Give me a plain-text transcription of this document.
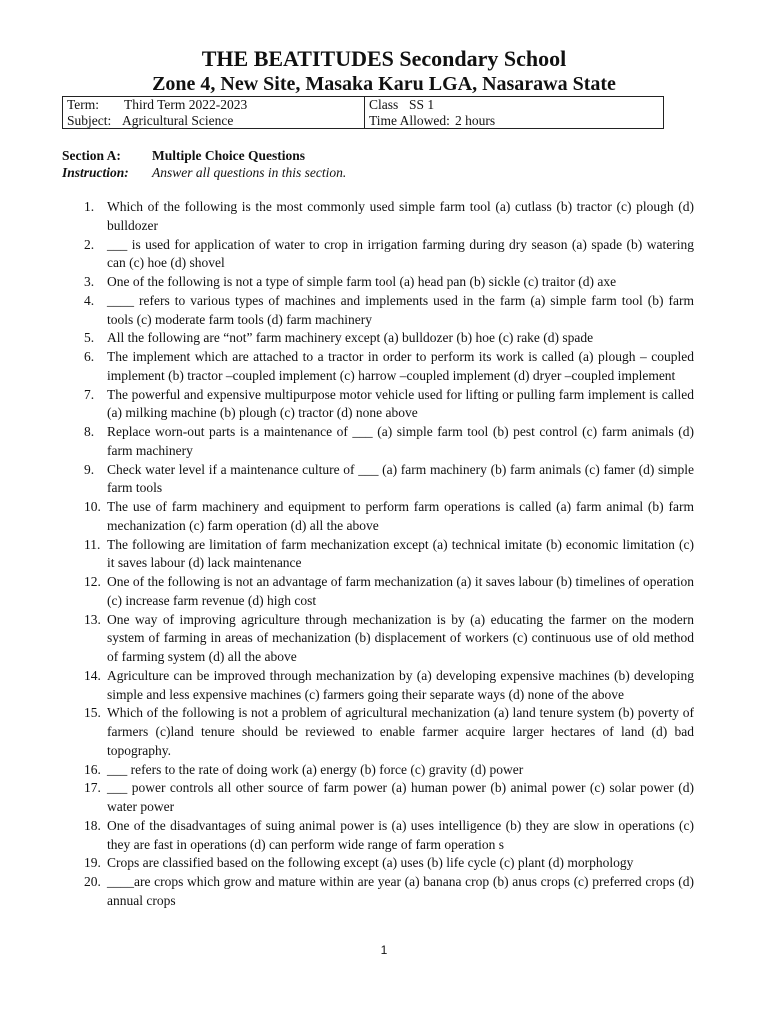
THE BEATITUDES Secondary School
Zone 4, New Site, Masaka Karu LGA, Nasarawa State
Term: Third Term 2022-2023
Subject: Agricultural Science
Class SS 1
Time Allowed: 2 hours
Section A:	Multiple Choice Questions
Instruction:	Answer all questions in this section.
1. Which of the following is the most commonly used simple farm tool (a) cutlass (b) tractor (c) plough (d) bulldozer
2. ___ is used for application of water to crop in irrigation farming during dry season (a) spade (b) watering can (c) hoe (d) shovel
3. One of the following is not a type of simple farm tool (a) head pan (b) sickle (c) traitor (d) axe
4. ____ refers to various types of machines and implements used in the farm (a) simple farm tool (b) farm tools (c) moderate farm tools (d) farm machinery
5. All the following are “not” farm machinery except (a) bulldozer (b) hoe (c) rake (d) spade
6. The implement which are attached to a tractor in order to perform its work is called (a) plough – coupled implement (b) tractor –coupled implement (c) harrow –coupled implement (d) dryer –coupled implement
7. The powerful and expensive multipurpose motor vehicle used for lifting or pulling farm implement is called (a) milking machine (b) plough (c) tractor (d) none above
8. Replace worn-out parts is a maintenance of ___ (a) simple farm tool (b) pest control (c) farm animals (d) farm machinery
9. Check water level if a maintenance culture of ___ (a) farm machinery (b) farm animals (c) famer (d) simple farm tools
10. The use of farm machinery and equipment to perform farm operations is called (a) farm animal (b) farm mechanization (c) farm operation (d) all the above
11. The following are limitation of farm mechanization except (a) technical imitate (b) economic limitation (c) it saves labour (d) lack maintenance
12. One of the following is not an advantage of farm mechanization (a) it saves labour (b) timelines of operation (c) increase farm revenue (d) high cost
13. One way of improving agriculture through mechanization is by (a) educating the farmer on the modern system of farming in areas of mechanization (b) displacement of workers (c) continuous use of old method of farming system (d) all the above
14. Agriculture can be improved through mechanization by (a) developing expensive machines (b) developing simple and less expensive machines (c) farmers going their separate ways (d) none of the above
15. Which of the following is not a problem of agricultural mechanization (a) land tenure system (b) poverty of farmers (c)land tenure should be reviewed to enable farmer acquire larger hectares of land (d) bad topography.
16. ___ refers to the rate of doing work (a) energy (b) force (c) gravity (d) power
17. ___ power controls all other source of farm power (a) human power (b) animal power (c) solar power (d) water power
18. One of the disadvantages of suing animal power is (a) uses intelligence (b) they are slow in operations (c) they are fast in operations (d) can perform wide range of farm operation s
19. Crops are classified based on the following except (a) uses (b) life cycle (c) plant (d) morphology
20. ____are crops which grow and mature within are year (a) banana crop (b) anus crops (c) preferred crops (d) annual crops
1
